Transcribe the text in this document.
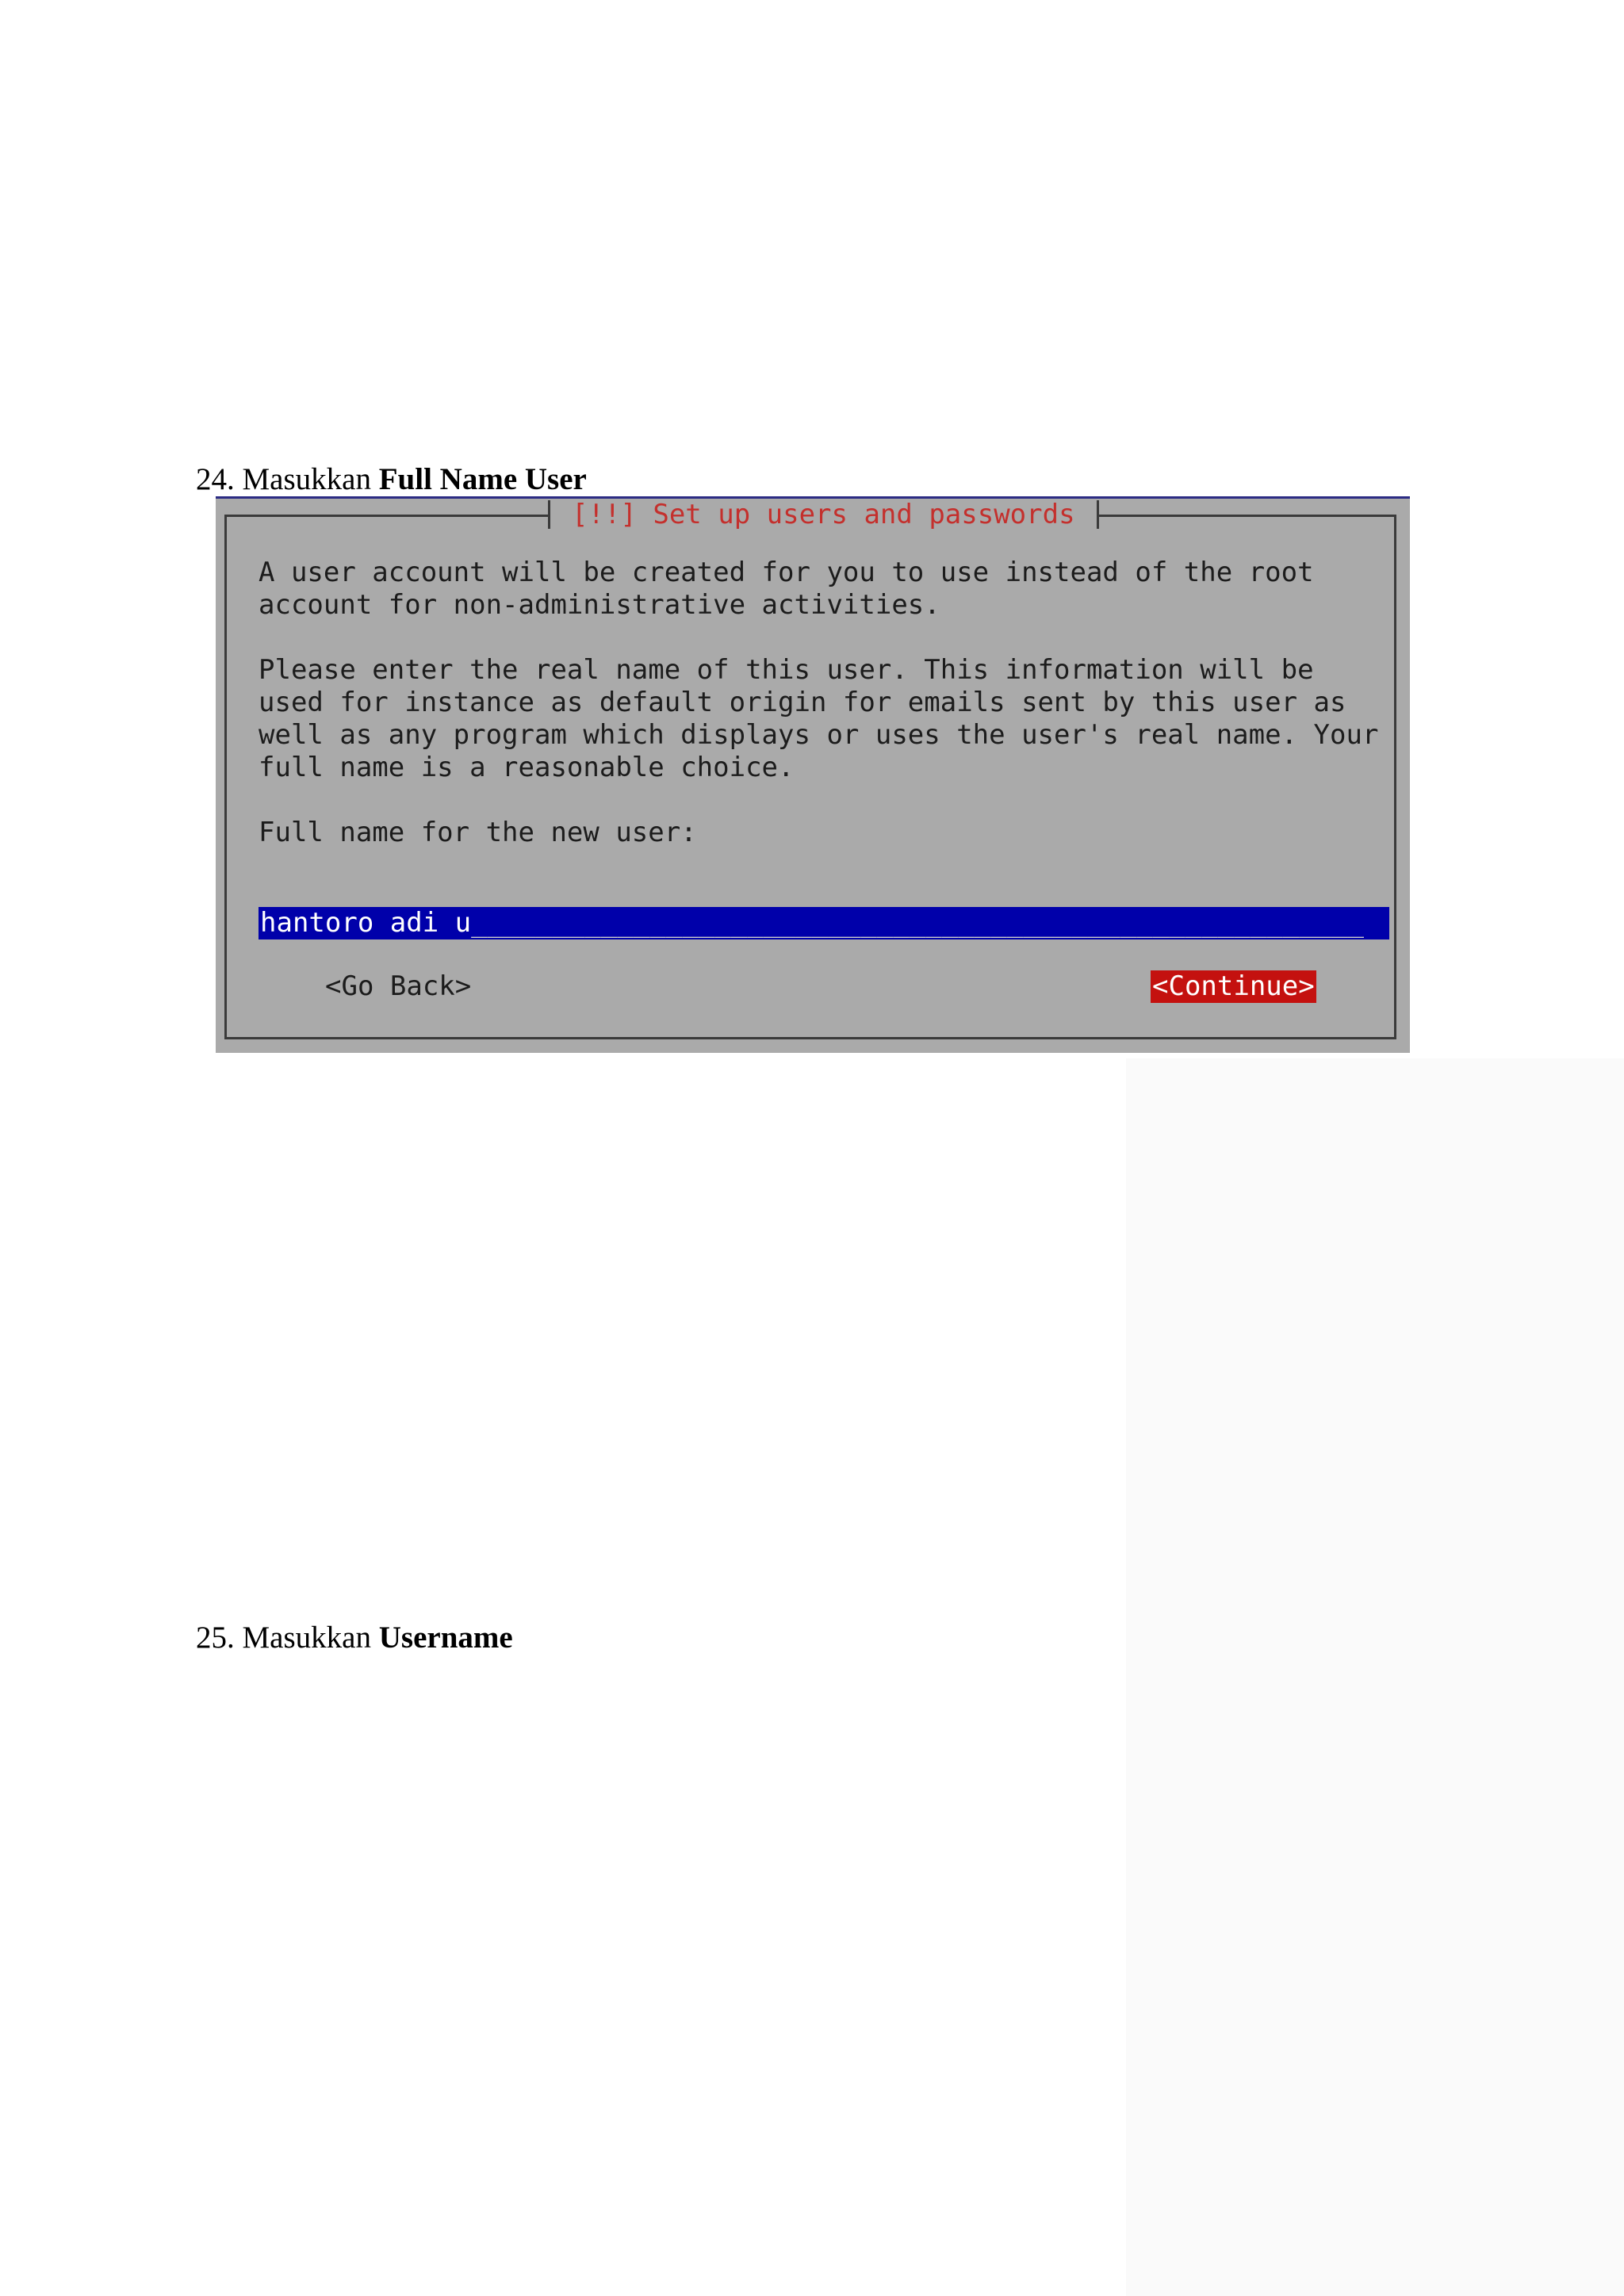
24. Masukkan Full Name User

[!!] Set up users and passwords

A user account will be created for you to use instead of the root

account for non-administrative activities.

Please enter the real name of this user. This information will be

used for instance as default origin for emails sent by this user as

well as any program which displays or uses the user's real name. Your

full name is a reasonable choice.

Full name for the new user:

hantoro adi u_______________________________________________________
<Go Back>	<Continue>

25. Masukkan Username
